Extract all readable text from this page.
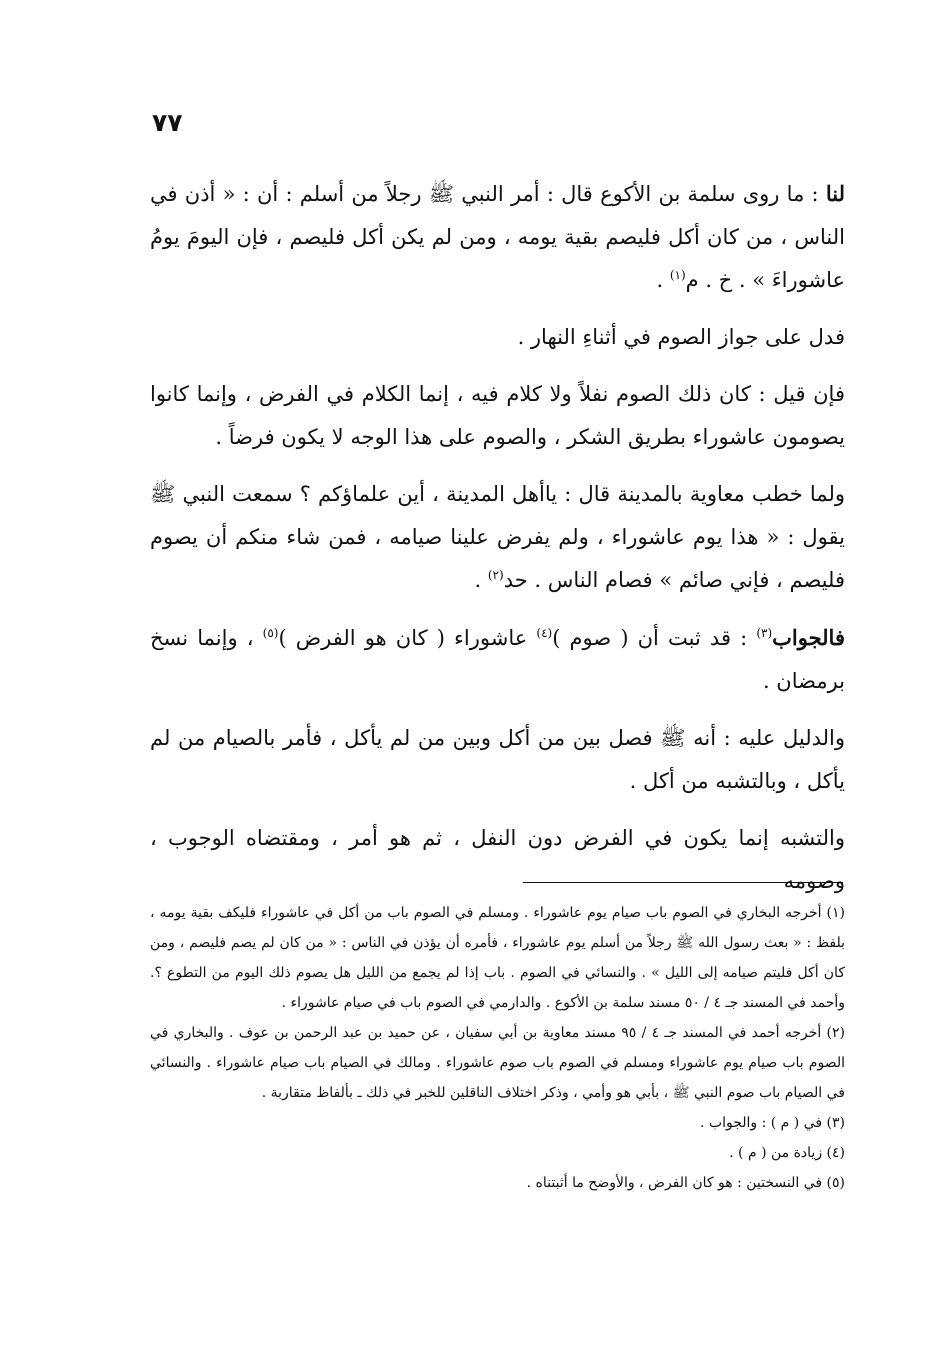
٧٧

لنا : ما روى سلمة بن الأكوع قال : أمر النبي ﷺ رجلاً من أسلم : أن : « أذن في الناس ، من كان أكل فليصم بقية يومه ، ومن لم يكن أكل فليصم ، فإن اليومَ يومُ عاشوراءَ » . خ . م$^{(١)}$ .

فدل على جواز الصوم في أثناءِ النهار .

فإن قيل : كان ذلك الصوم نفلاً ولا كلام فيه ، إنما الكلام في الفرض ، وإنما كانوا يصومون عاشوراء بطريق الشكر ، والصوم على هذا الوجه لا يكون فرضاً .

ولما خطب معاوية بالمدينة قال : ياأهل المدينة ، أين علماؤكم ؟ سمعت النبي ﷺ يقول : « هذا يوم عاشوراء ، ولم يفرض علينا صيامه ، فمن شاء منكم أن يصوم فليصم ، فإني صائم » فصام الناس . حد$^{(٢)}$ .

فالجواب$^{(٣)}$ : قد ثبت أن ( صوم )$^{(٤)}$ عاشوراء ( كان هو الفرض )$^{(٥)}$ ، وإنما نسخ برمضان .

والدليل عليه : أنه ﷺ فصل بين من أكل وبين من لم يأكل ، فأمر بالصيام من لم يأكل ، وبالتشبه من أكل .

والتشبه إنما يكون في الفرض دون النفل ، ثم هو أمر ، ومقتضاه الوجوب ، وصومه

(١) أخرجه البخاري في الصوم باب صيام يوم عاشوراء . ومسلم في الصوم باب من أكل في عاشوراء فليكف بقية يومه ، بلفظ : « بعث رسول الله ﷺ رجلاً من أسلم يوم عاشوراء ، فأمره أن يؤذن في الناس : « من كان لم يصم فليصم ، ومن كان أكل فليتم صيامه إلى الليل » . والنسائي في الصوم . باب إذا لم يجمع من الليل هل يصوم ذلك اليوم من التطوع ؟. وأحمد في المسند جـ ٤ / ٥٠ مسند سلمة بن الأكوع . والدارمي في الصوم باب في صيام عاشوراء .

(٢) أخرجه أحمد في المسند جـ ٤ / ٩٥ مسند معاوية بن أبي سفيان ، عن حميد بن عبد الرحمن بن عوف . والبخاري في الصوم باب صيام يوم عاشوراء ومسلم في الصوم باب صوم عاشوراء . ومالك في الصيام باب صيام عاشوراء . والنسائي في الصيام باب صوم النبي ﷺ ، بأبي هو وأمي ، وذكر اختلاف الناقلين للخبر في ذلك ـ بألفاظ متقاربة .

(٣) في ( م ) : والجواب .

(٤) زيادة من ( م ) .

(٥) في النسختين : هو كان الفرض ، والأوضح ما أثبتناه .
